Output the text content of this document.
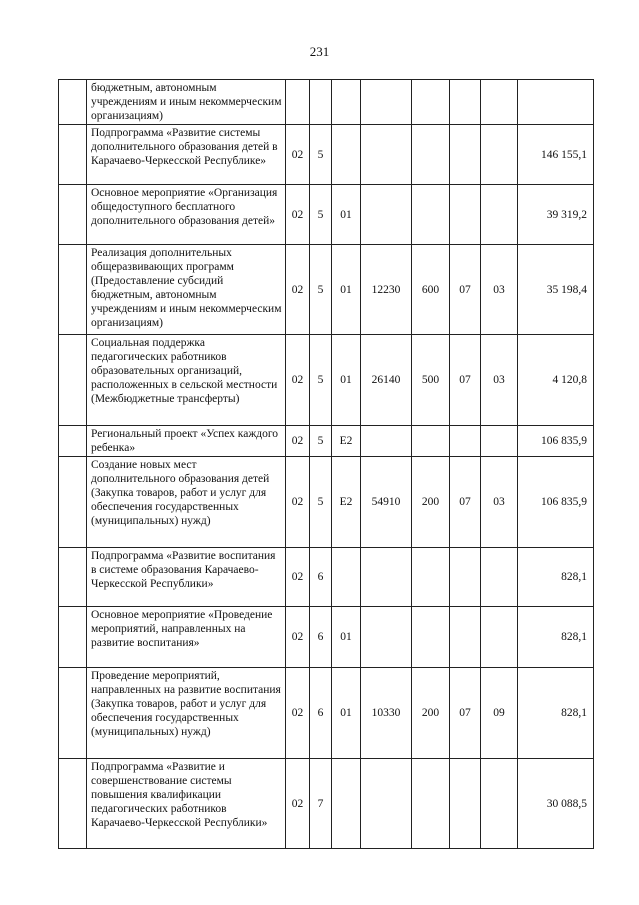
231
	бюджетным, автономным учреждениям и иным некоммерческим организациям)								
	Подпрограмма «Развитие системы дополнительного образования детей в Карачаево-Черкесской Республике»	02	5						146 155,1
	Основное мероприятие «Организация общедоступного бесплатного дополнительного образования детей»	02	5	01					39 319,2
	Реализация дополнительных общеразвивающих программ (Предоставление субсидий бюджетным, автономным учреждениям и иным некоммерческим организациям)	02	5	01	12230	600	07	03	35 198,4
	Социальная поддержка педагогических работников образовательных организаций, расположенных в сельской местности (Межбюджетные трансферты)	02	5	01	26140	500	07	03	4 120,8
	Региональный проект «Успех каждого ребенка»	02	5	Е2					106 835,9
	Создание новых мест дополнительного образования детей (Закупка товаров, работ и услуг для обеспечения государственных (муниципальных) нужд)	02	5	Е2	54910	200	07	03	106 835,9
	Подпрограмма «Развитие воспитания в системе образования Карачаево-Черкесской Республики»	02	6						828,1
	Основное мероприятие «Проведение мероприятий, направленных на развитие воспитания»	02	6	01					828,1
	Проведение мероприятий, направленных на развитие воспитания (Закупка товаров, работ и услуг для обеспечения государственных (муниципальных) нужд)	02	6	01	10330	200	07	09	828,1
	Подпрограмма «Развитие и совершенствование системы повышения квалификации педагогических работников Карачаево-Черкесской Республики»	02	7						30 088,5
